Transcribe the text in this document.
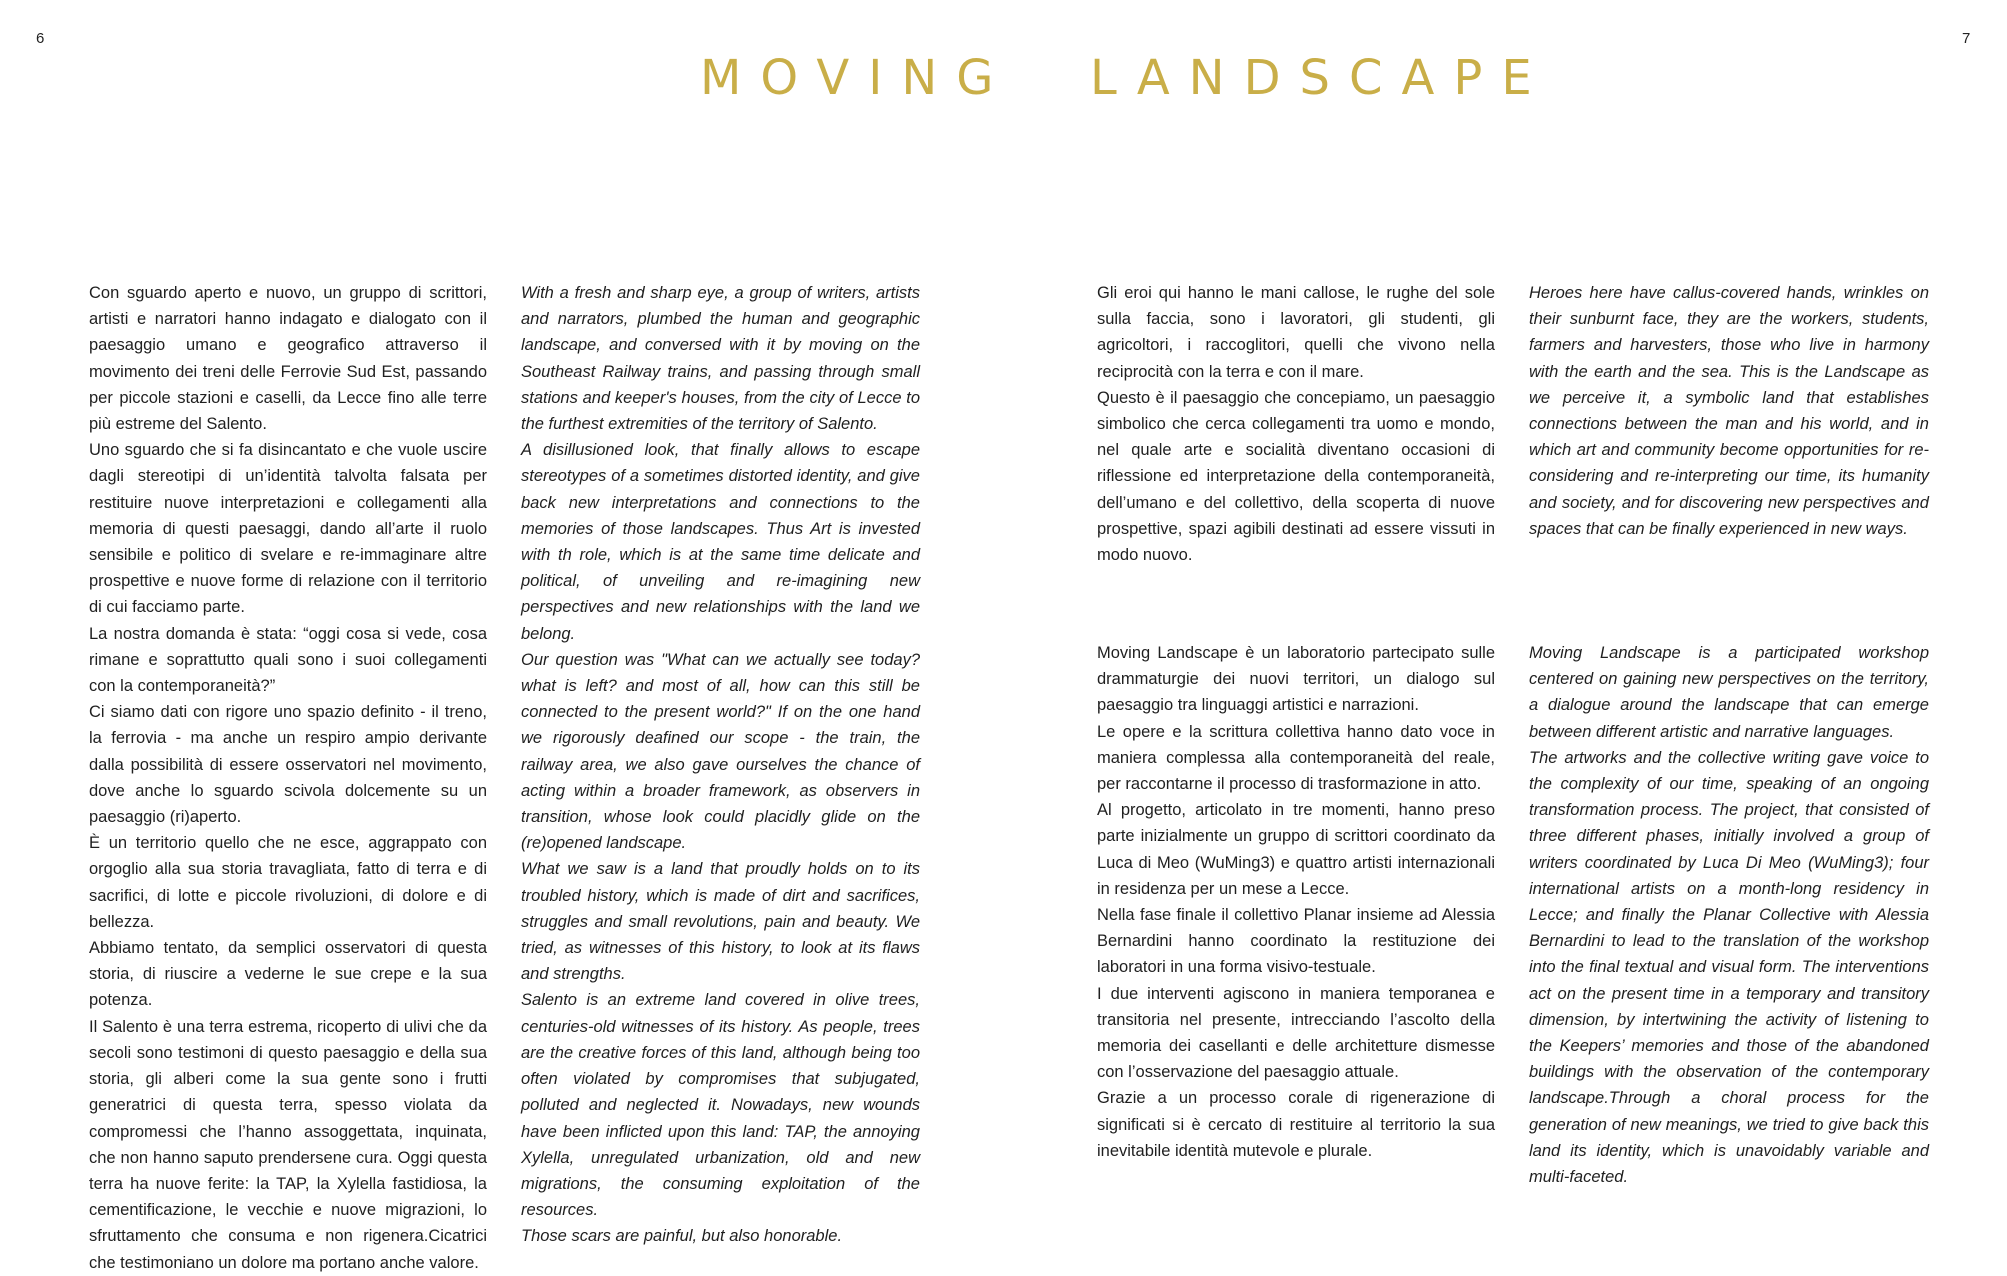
6	7
MOVING LANDSCAPE

Con sguardo aperto e nuovo, un gruppo di scrittori, artisti e narratori hanno indagato e dialogato con il paesaggio umano e geografico attraverso il movimento dei treni delle Ferrovie Sud Est, passando per piccole stazioni e caselli, da Lecce fino alle terre più estreme del Salento.

Uno sguardo che si fa disincantato e che vuole uscire dagli stereotipi di un’identità talvolta falsata per restituire nuove interpretazioni e collegamenti alla memoria di questi paesaggi, dando all’arte il ruolo sensibile e politico di svelare e re-immaginare altre prospettive e nuove forme di relazione con il territorio di cui facciamo parte.

La nostra domanda è stata: “oggi cosa si vede, cosa rimane e soprattutto quali sono i suoi collegamenti con la contemporaneità?”

Ci siamo dati con rigore uno spazio definito - il treno, la ferrovia - ma anche un respiro ampio derivante dalla possibilità di essere osservatori nel movimento, dove anche lo sguardo scivola dolcemente su un paesaggio (ri)aperto.

È un territorio quello che ne esce, aggrappato con orgoglio alla sua storia travagliata, fatto di terra e di sacrifici, di lotte e piccole rivoluzioni, di dolore e di bellezza.

Abbiamo tentato, da semplici osservatori di questa storia, di riuscire a vederne le sue crepe e la sua potenza.

Il Salento è una terra estrema, ricoperto di ulivi che da secoli sono testimoni di questo paesaggio e della sua storia, gli alberi come la sua gente sono i frutti generatrici di questa terra, spesso violata da compromessi che l’hanno assoggettata, inquinata, che non hanno saputo prendersene cura. Oggi questa terra ha nuove ferite: la TAP, la Xylella fastidiosa, la cementificazione, le vecchie e nuove migrazioni, lo sfruttamento che consuma e non rigenera.Cicatrici che testimoniano un dolore ma portano anche valore.

With a fresh and sharp eye, a group of writers, artists and narrators, plumbed the human and geographic landscape, and conversed with it by moving on the Southeast Railway trains, and passing through small stations and keeper's houses, from the city of Lecce to the furthest extremities of the territory of Salento.

A disillusioned look, that finally allows to escape stereotypes of a sometimes distorted identity, and give back new interpretations and connections to the memories of those landscapes. Thus Art is invested with th role, which is at the same time delicate and political, of unveiling and re-imagining new perspectives and new relationships with the land we belong.

Our question was "What can we actually see today? what is left? and most of all, how can this still be connected to the present world?" If on the one hand we rigorously deafined our scope - the train, the railway area, we also gave ourselves the chance of acting within a broader framework, as observers in transition, whose look could placidly glide on the (re)opened landscape.

What we saw is a land that proudly holds on to its troubled history, which is made of dirt and sacrifices, struggles and small revolutions, pain and beauty. We tried, as witnesses of this history, to look at its flaws and strengths.

Salento is an extreme land covered in olive trees, centuries-old witnesses of its history. As people, trees are the creative forces of this land, although being too often violated by compromises that subjugated, polluted and neglected it. Nowadays, new wounds have been inflicted upon this land: TAP, the annoying Xylella, unregulated urbanization, old and new migrations, the consuming exploitation of the resources.

Those scars are painful, but also honorable.

Gli eroi qui hanno le mani callose, le rughe del sole sulla faccia, sono i lavoratori, gli studenti, gli agricoltori, i raccoglitori, quelli che vivono nella reciprocità con la terra e con il mare.

Questo è il paesaggio che concepiamo, un paesaggio simbolico che cerca collegamenti tra uomo e mondo, nel quale arte e socialità diventano occasioni di riflessione ed interpretazione della contemporaneità, dell’umano e del collettivo, della scoperta di nuove prospettive, spazi agibili destinati ad essere vissuti in modo nuovo.

Heroes here have callus-covered hands, wrinkles on their sunburnt face, they are the workers, students, farmers and harvesters, those who live in harmony with the earth and the sea. This is the Landscape as we perceive it, a symbolic land that establishes connections between the man and his world, and in which art and community become opportunities for re-considering and re-interpreting our time, its humanity and society, and for discovering new perspectives and spaces that can be finally experienced in new ways.

Moving Landscape è un laboratorio partecipato sulle drammaturgie dei nuovi territori, un dialogo sul paesaggio tra linguaggi artistici e narrazioni.

Le opere e la scrittura collettiva hanno dato voce in maniera complessa alla contemporaneità del reale, per raccontarne il processo di trasformazione in atto.

Al progetto, articolato in tre momenti, hanno preso parte inizialmente un gruppo di scrittori coordinato da Luca di Meo (WuMing3) e quattro artisti internazionali in residenza per un mese a Lecce.

Nella fase finale il collettivo Planar insieme ad Alessia Bernardini hanno coordinato la restituzione dei laboratori in una forma visivo-testuale.

I due interventi agiscono in maniera temporanea e transitoria nel presente, intrecciando l’ascolto della memoria dei casellanti e delle architetture dismesse con l’osservazione del paesaggio attuale.

Grazie a un processo corale di rigenerazione di significati si è cercato di restituire al territorio la sua inevitabile identità mutevole e plurale.

Moving Landscape is a participated workshop centered on gaining new perspectives on the territory, a dialogue around the landscape that can emerge between different artistic and narrative languages.

The artworks and the collective writing gave voice to the complexity of our time, speaking of an ongoing transformation process. The project, that consisted of three different phases, initially involved a group of writers coordinated by Luca Di Meo (WuMing3); four international artists on a month-long residency in Lecce; and finally the Planar Collective with Alessia Bernardini to lead to the translation of the workshop into the final textual and visual form. The interventions act on the present time in a temporary and transitory dimension, by intertwining the activity of listening to the Keepers’ memories and those of the abandoned buildings with the observation of the contemporary landscape.Through a choral process for the generation of new meanings, we tried to give back this land its identity, which is unavoidably variable and multi-faceted.
